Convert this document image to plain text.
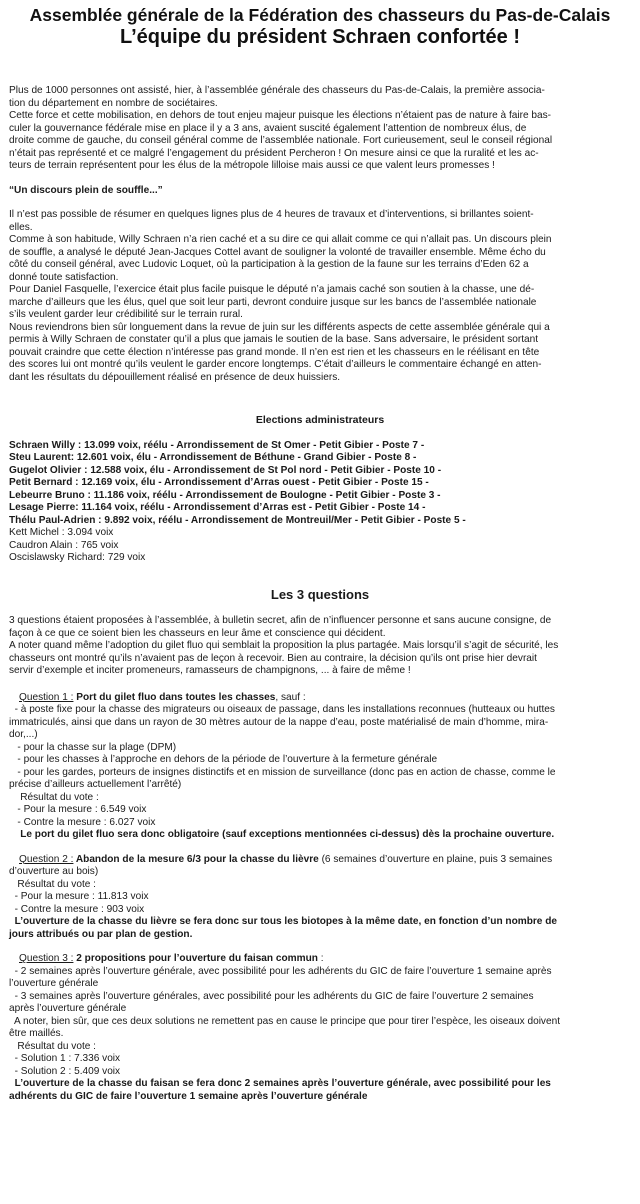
Assemblée générale de la Fédération des chasseurs du Pas-de-Calais
L’équipe du président Schraen confortée !

Plus de 1000 personnes ont assisté, hier, à l’assemblée générale des chasseurs du Pas-de-Calais, la première associa-

tion du département en nombre de sociétaires.

Cette force et cette mobilisation, en dehors de tout enjeu majeur puisque les élections n’étaient pas de nature à faire bas-

culer la gouvernance fédérale mise en place il y a 3 ans, avaient suscité également l’attention de nombreux élus, de

droite comme de gauche, du conseil général comme de l’assemblée nationale. Fort curieusement, seul le conseil régional

n’était pas représenté et ce malgré l’engagement du président Percheron ! On mesure ainsi ce que la ruralité et les ac-

teurs de terrain représentent pour les élus de la métropole lilloise mais aussi ce que valent leurs promesses !

“Un discours plein de souffle...”

Il n’est pas possible de résumer en quelques lignes plus de 4 heures de travaux et d’interventions, si brillantes soient-

elles.

Comme à son habitude, Willy Schraen n’a rien caché et a su dire ce qui allait comme ce qui n’allait pas. Un discours plein

de souffle, a analysé le député Jean-Jacques Cottel avant de souligner la volonté de travailler ensemble. Même écho du

côté du conseil général, avec Ludovic Loquet, où la participation à la gestion de la faune sur les terrains d’Eden 62 a

donné toute satisfaction.

Pour Daniel Fasquelle, l’exercice était plus facile puisque le député n’a jamais caché son soutien à la chasse, une dé-

marche d’ailleurs que les élus, quel que soit leur parti, devront conduire jusque sur les bancs de l’assemblée nationale

s’ils veulent garder leur crédibilité sur le terrain rural.

Nous reviendrons bien sûr longuement dans la revue de juin sur les différents aspects de cette assemblée générale qui a

permis à Willy Schraen de constater qu’il a plus que jamais le soutien de la base. Sans adversaire, le président sortant

pouvait craindre que cette élection n’intéresse pas grand monde. Il n’en est rien et les chasseurs en le réélisant en tête

des scores lui ont montré qu’ils veulent le garder encore longtemps. C’était d’ailleurs le commentaire échangé en atten-

dant les résultats du dépouillement réalisé en présence de deux huissiers.

Elections administrateurs

Schraen Willy : 13.099 voix, réélu - Arrondissement de St Omer - Petit Gibier - Poste 7 -

Steu Laurent: 12.601 voix, élu - Arrondissement de Béthune - Grand Gibier - Poste 8 -

Gugelot Olivier : 12.588 voix, élu - Arrondissement de St Pol nord - Petit Gibier - Poste 10 -

Petit Bernard : 12.169 voix, élu - Arrondissement d’Arras ouest - Petit Gibier - Poste 15 -

Lebeurre Bruno : 11.186 voix, réélu - Arrondissement de Boulogne - Petit Gibier - Poste 3 -

Lesage Pierre: 11.164 voix, réélu - Arrondissement d’Arras est - Petit Gibier - Poste 14 -

Thélu Paul-Adrien : 9.892 voix, réélu - Arrondissement de Montreuil/Mer - Petit Gibier - Poste 5 -

Kett Michel : 3.094 voix

Caudron Alain : 765 voix

Oscislawsky Richard: 729 voix

Les 3 questions

3 questions étaient proposées à l’assemblée, à bulletin secret, afin de n’influencer personne et sans aucune consigne, de

façon à ce que ce soient bien les chasseurs en leur âme et conscience qui décident.

A noter quand même l’adoption du gilet fluo qui semblait la proposition la plus partagée. Mais lorsqu’il s’agit de sécurité, les

chasseurs ont montré qu’ils n’avaient pas de leçon à recevoir. Bien au contraire, la décision qu’ils ont prise hier devrait

servir d’exemple et inciter promeneurs, ramasseurs de champignons, ... à faire de même !

Question 1 : Port du gilet fluo dans toutes les chasses, sauf :

- à poste fixe pour la chasse des migrateurs ou oiseaux de passage, dans les installations reconnues (hutteaux ou huttes

immatriculés, ainsi que dans un rayon de 30 mètres autour de la nappe d’eau, poste matérialisé de main d’homme, mira-

dor,...)

- pour la chasse sur la plage (DPM)

- pour les chasses à l’approche en dehors de la période de l’ouverture à la fermeture générale

- pour les gardes, porteurs de insignes distinctifs et en mission de surveillance (donc pas en action de chasse, comme le

précise d’ailleurs actuellement l’arrêté)

Résultat du vote :

- Pour la mesure : 6.549 voix

- Contre la mesure : 6.027 voix

Le port du gilet fluo sera donc obligatoire (sauf exceptions mentionnées ci-dessus) dès la prochaine ouverture.

Question 2 : Abandon de la mesure 6/3 pour la chasse du lièvre (6 semaines d’ouverture en plaine, puis 3 semaines

d’ouverture au bois)

Résultat du vote :

- Pour la mesure : 11.813 voix

- Contre la mesure : 903 voix

L’ouverture de la chasse du lièvre se fera donc sur tous les biotopes à la même date, en fonction d’un nombre de

jours attribués ou par plan de gestion.

Question 3 : 2 propositions pour l’ouverture du faisan commun :

- 2 semaines après l’ouverture générale, avec possibilité pour les adhérents du GIC de faire l’ouverture 1 semaine après

l’ouverture générale

- 3 semaines après l’ouverture générales, avec possibilité pour les adhérents du GIC de faire l’ouverture 2 semaines

après l’ouverture générale

A noter, bien sûr, que ces deux solutions ne remettent pas en cause le principe que pour tirer l’espèce, les oiseaux doivent

être maillés.

Résultat du vote :

- Solution 1 : 7.336 voix

- Solution 2 : 5.409 voix

L’ouverture de la chasse du faisan se fera donc 2 semaines après l’ouverture générale, avec possibilité pour les

adhérents du GIC de faire l’ouverture 1 semaine après l’ouverture générale
